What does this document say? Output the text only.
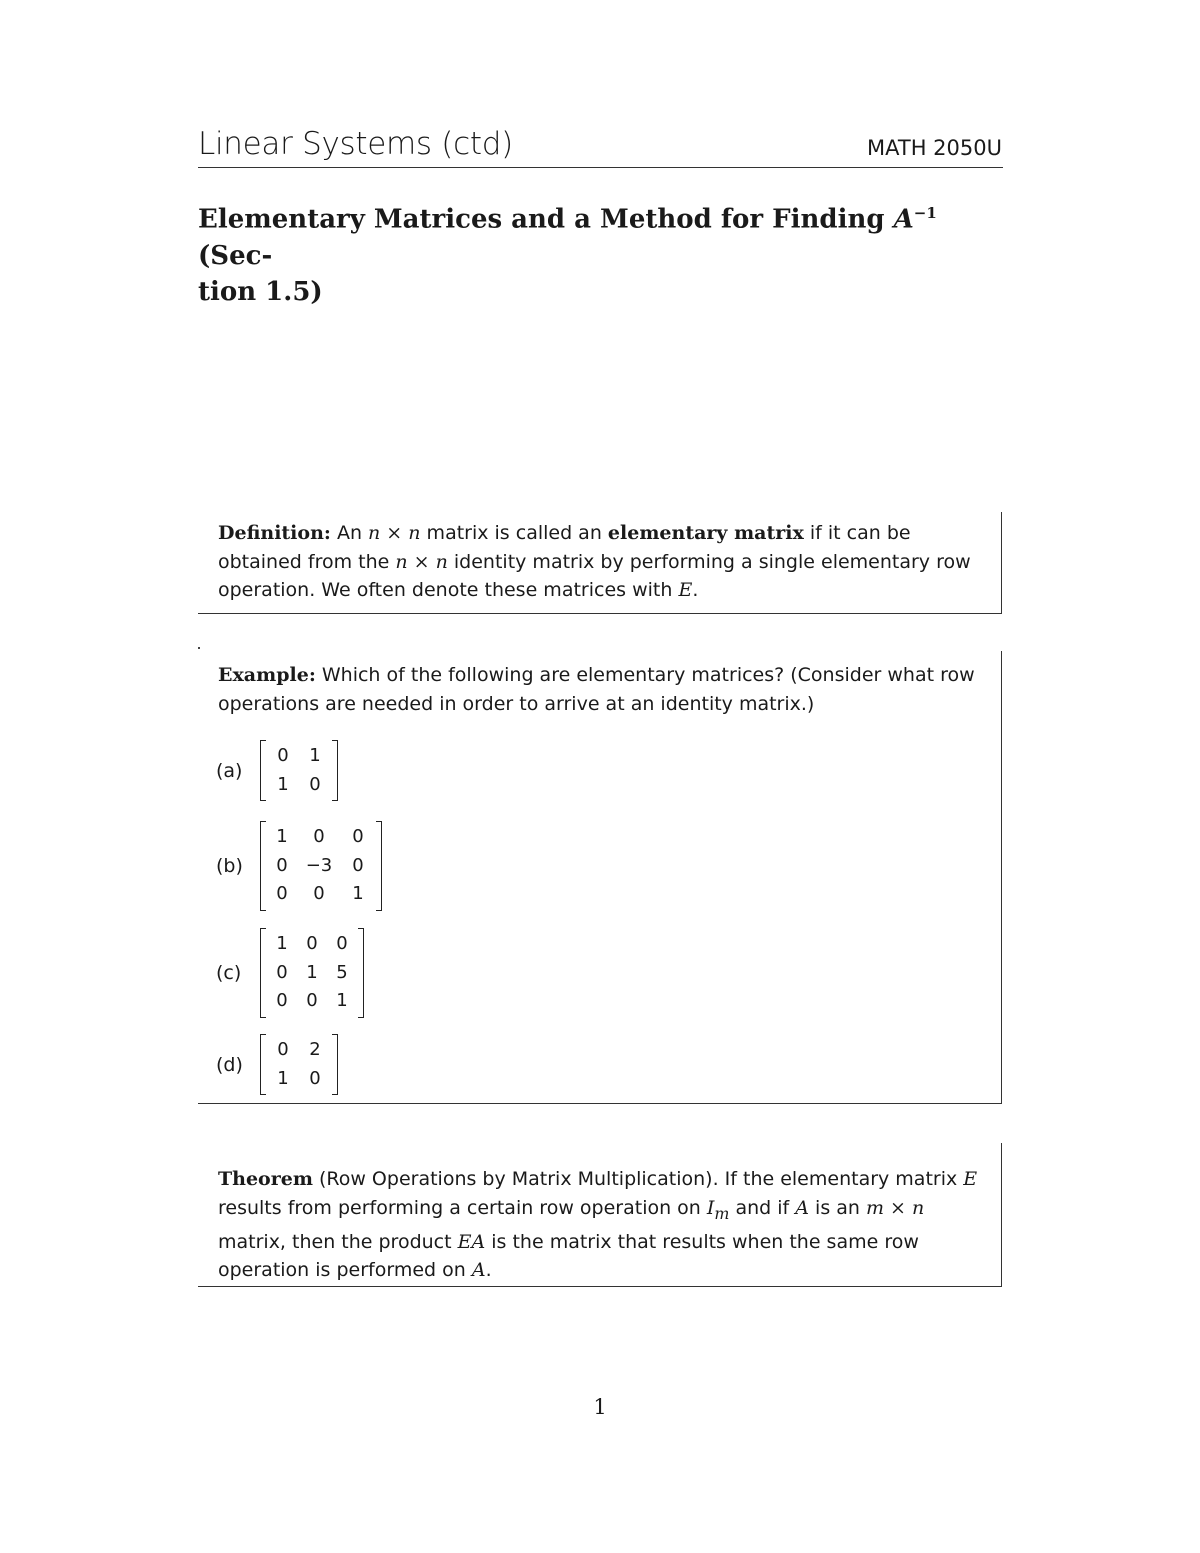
Linear Systems (ctd)	MATH 2050U
Elementary Matrices and a Method for Finding $A^{-1}$ (Sec-
tion 1.5)
Definition: An n × n matrix is called an elementary matrix if it can be obtained from the n × n identity matrix by performing a single elementary row operation. We often denote these matrices with E.
Example: Which of the following are elementary matrices? (Consider what row operations are needed in order to arrive at an identity matrix.)
(a)
0	1
1	0
(b)
1	0	0
0	−3	0
0	0	1
(c)
1	0	0
0	1	5
0	0	1
(d)
0	2
1	0
Theorem (Row Operations by Matrix Multiplication). If the elementary matrix E results from performing a certain row operation on $I_m$ and if A is an m × n matrix, then the product EA is the matrix that results when the same row operation is performed on A.
1
